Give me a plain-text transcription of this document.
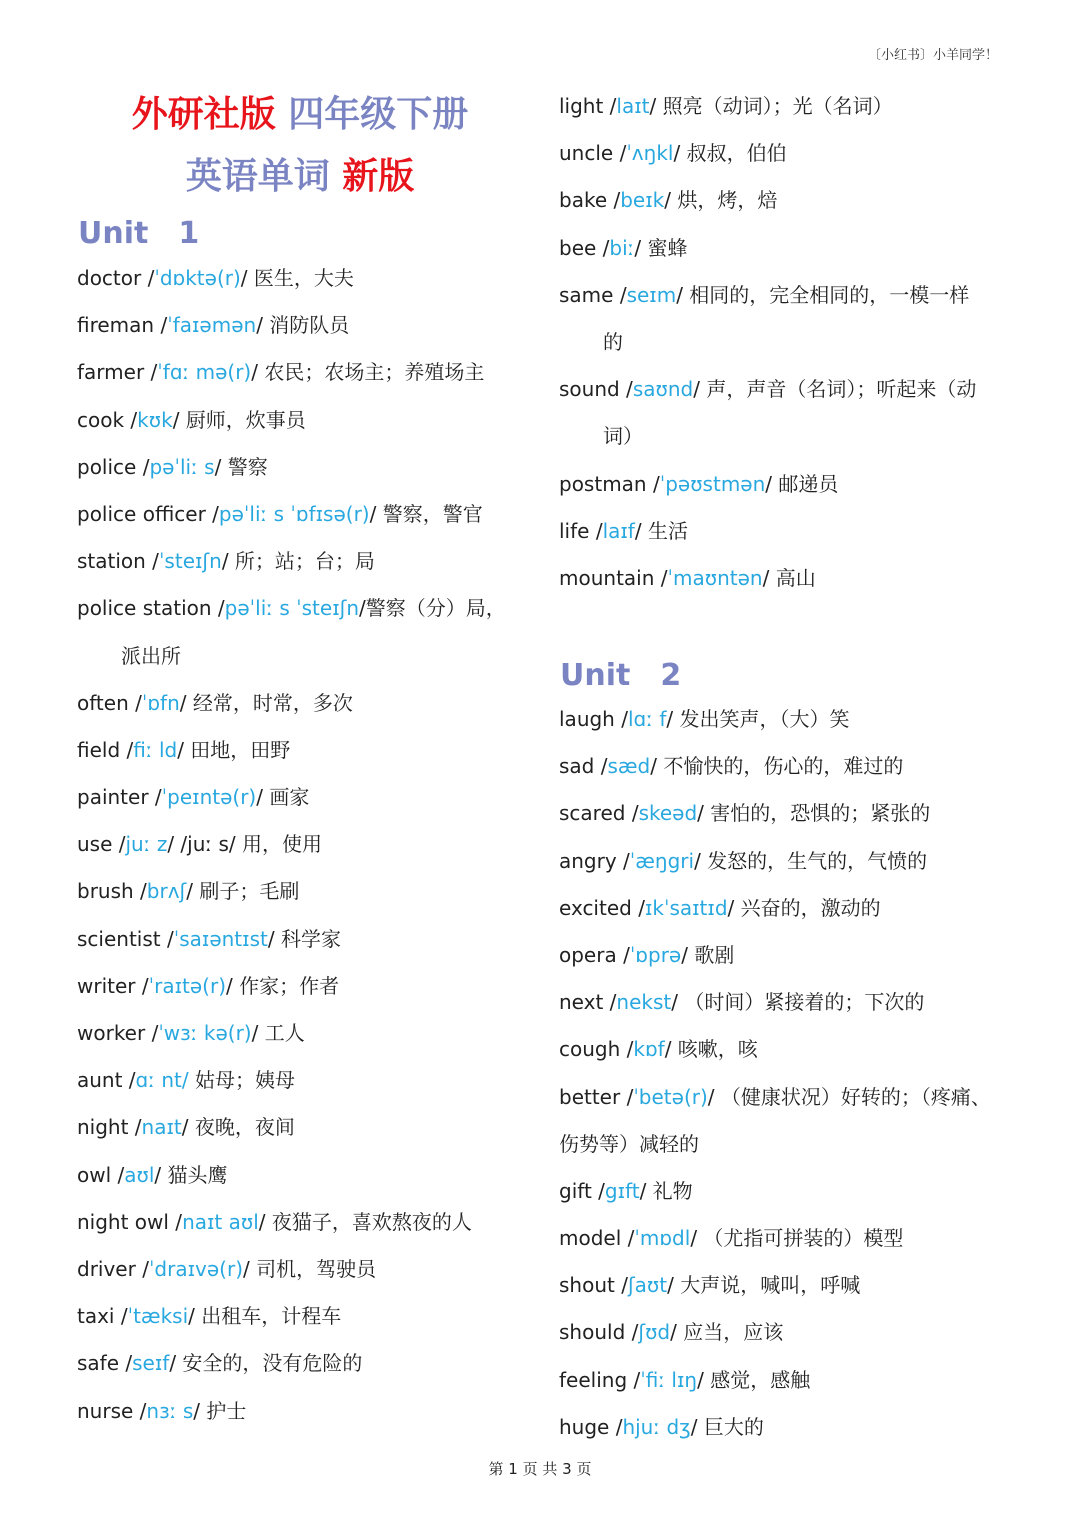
〔小红书〕小羊同学！
外研社版 四年级下册
英语单词 新版
Unit　1
doctor /ˈdɒktə(r)/ 医生，大夫
fireman /ˈfaɪəmən/ 消防队员
farmer /ˈfɑː mə(r)/ 农民；农场主；养殖场主
cook /kʊk/ 厨师，炊事员
police /pəˈliː s/ 警察
police officer /pəˈliː s ˈɒfɪsə(r)/ 警察，警官
station /ˈsteɪʃn/ 所；站；台；局
police station /pəˈliː s ˈsteɪʃn/警察（分）局，
派出所
often /ˈɒfn/ 经常，时常，多次
field /fiː ld/ 田地，田野
painter /ˈpeɪntə(r)/ 画家
use /juː z/ /juː s/ 用，使用
brush /brʌʃ/ 刷子；毛刷
scientist /ˈsaɪəntɪst/ 科学家
writer /ˈraɪtə(r)/ 作家；作者
worker /ˈwɜː kə(r)/ 工人
aunt /ɑː nt/ 姑母；姨母
night /naɪt/ 夜晚，夜间
owl /aʊl/ 猫头鹰
night owl /naɪt aʊl/ 夜猫子，喜欢熬夜的人
driver /ˈdraɪvə(r)/ 司机，驾驶员
taxi /ˈtæksi/ 出租车，计程车
safe /seɪf/ 安全的，没有危险的
nurse /nɜː s/ 护士
light /laɪt/ 照亮（动词）；光（名词）
uncle /ˈʌŋkl/ 叔叔，伯伯
bake /beɪk/ 烘，烤，焙
bee /biː/ 蜜蜂
same /seɪm/ 相同的，完全相同的，一模一样
的
sound /saʊnd/ 声，声音（名词）；听起来（动
词）
postman /ˈpəʊstmən/ 邮递员
life /laɪf/ 生活
mountain /ˈmaʊntən/ 高山
Unit　2
laugh /lɑː f/ 发出笑声，（大）笑
sad /sæd/ 不愉快的，伤心的，难过的
scared /skeəd/ 害怕的，恐惧的；紧张的
angry /ˈæŋgri/ 发怒的，生气的，气愤的
excited /ɪkˈsaɪtɪd/ 兴奋的，激动的
opera /ˈɒprə/ 歌剧
next /nekst/ （时间）紧接着的；下次的
cough /kɒf/ 咳嗽，咳
better /ˈbetə(r)/ （健康状况）好转的；（疼痛、
伤势等）减轻的
gift /gɪft/ 礼物
model /ˈmɒdl/ （尤指可拼装的）模型
shout /ʃaʊt/ 大声说，喊叫，呼喊
should /ʃʊd/ 应当，应该
feeling /ˈfiː lɪŋ/ 感觉，感触
huge /hjuː dʒ/ 巨大的
第 1 页 共 3 页
